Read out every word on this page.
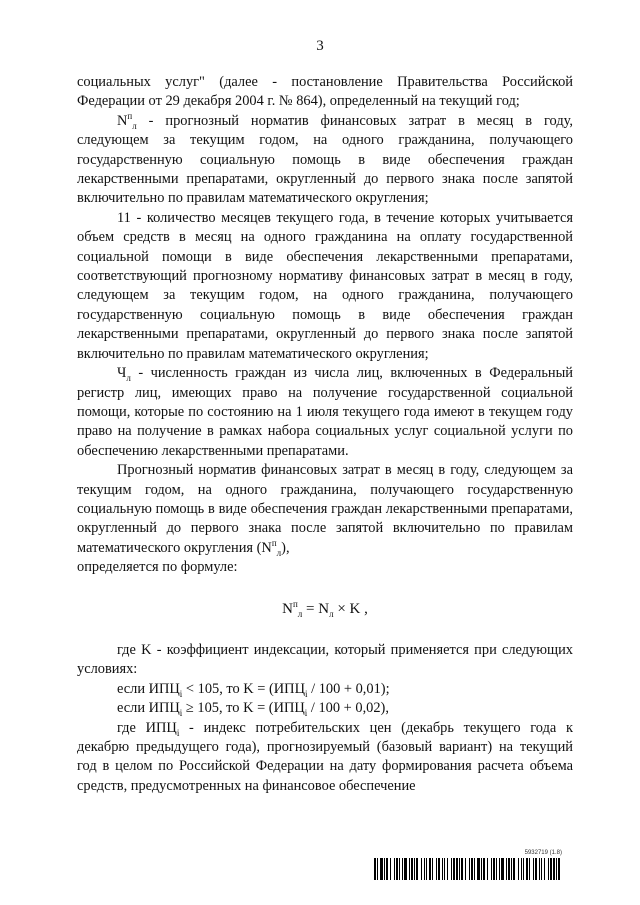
3

социальных услуг" (далее - постановление Правительства Российской Федерации от 29 декабря 2004 г. № 864), определенный на текущий год;

$N^п_л$ - прогнозный норматив финансовых затрат в месяц в году, следующем за текущим годом, на одного гражданина, получающего государственную социальную помощь в виде обеспечения граждан лекарственными препаратами, округленный до первого знака после запятой включительно по правилам математического округления;

11 - количество месяцев текущего года, в течение которых учитывается объем средств в месяц на одного гражданина на оплату государственной социальной помощи в виде обеспечения лекарственными препаратами, соответствующий прогнозному нормативу финансовых затрат в месяц в году, следующем за текущим годом, на одного гражданина, получающего государственную социальную помощь в виде обеспечения граждан лекарственными препаратами, округленный до первого знака после запятой включительно по правилам математического округления;

$Ч_л$ - численность граждан из числа лиц, включенных в Федеральный регистр лиц, имеющих право на получение государственной социальной помощи, которые по состоянию на 1 июля текущего года имеют в текущем году право на получение в рамках набора социальных услуг социальной услуги по обеспечению лекарственными препаратами.

Прогнозный норматив финансовых затрат в месяц в году, следующем за текущим годом, на одного гражданина, получающего государственную социальную помощь в виде обеспечения граждан лекарственными препаратами, округленный до первого знака после запятой включительно по правилам математического округления $(N^п_л)$,

определяется по формуле:

$N^п_л = N_л \times K$ ,

где K - коэффициент индексации, который применяется при следующих условиях:

если $ИПЦ_i < 105$, то $K = (ИПЦ_i / 100 + 0,01)$;

если $ИПЦ_i \ge 105$, то $K = (ИПЦ_i / 100 + 0,02)$,

где $ИПЦ_i$ - индекс потребительских цен (декабрь текущего года к декабрю предыдущего года), прогнозируемый (базовый вариант) на текущий год в целом по Российской Федерации на дату формирования расчета объема средств, предусмотренных на финансовое обеспечение

5932719 (1.8)
